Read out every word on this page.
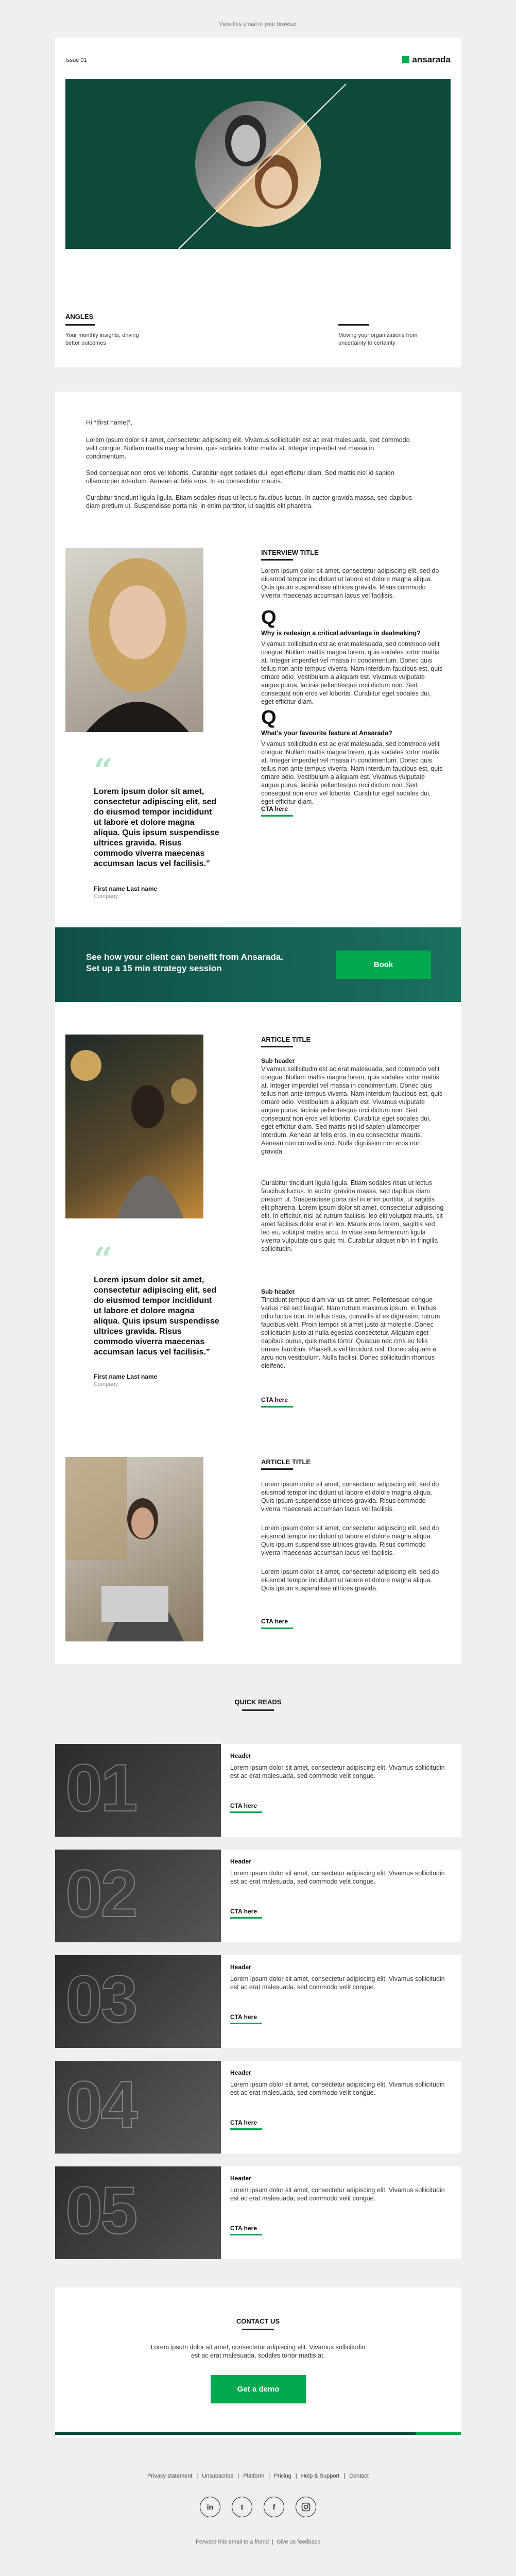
View this email in your browser
Issue 01	ansarada
ANGLES
Your monthly insights, driving better outcomes
Moving your organizations from uncertainty to certainty
Hi *|first name|*,
Lorem ipsum dolor sit amet, consectetur adipiscing elit. Vivamus sollicitudin est ac erat malesuada, sed commodo velit congue. Nullam mattis magna lorem, quis sodales tortor mattis at. Integer imperdiet vel massa in condimentum.
Sed consequat non eros vel lobortis. Curabitur eget sodales dui, eget efficitur diam. Sed mattis nisi id sapien ullamcorper interdum. Aenean at felis eros. In eu consectetur mauris.
Curabitur tincidunt ligula ligula. Etiam sodales risus ut lectus faucibus luctus. In auctor gravida massa, sed dapibus diam pretium ut. Suspendisse porta nisl in enim porttitor, ut sagittis elit pharetra.
INTERVIEW TITLE
Lorem ipsum dolor sit amet, consectetur adipiscing elit, sed do eiusmod tempor incididunt ut labore et dolore magna aliqua. Quis ipsum suspendisse ultrices gravida. Risus commodo viverra maecenas accumsan lacus vel facilisis.
Q
Why is redesign a critical advantage in dealmaking?
Vivamus sollicitudin est ac erat malesuada, sed commodo velit congue. Nullam mattis magna lorem, quis sodales tortor mattis at. Integer imperdiet vel massa in condimentum. Donec quis tellus non ante tempus viverra. Nam interdum faucibus est, quis ornare odio. Vestibulum a aliquam est. Vivamus vulputate augue purus, lacinia pellentesque orci dictum non. Sed consequat non eros vel lobortis. Curabitur eget sodales dui, eget efficitur diam.
Q
What's your favourite feature at Ansarada?
Vivamus sollicitudin est ac erat malesuada, sed commodo velit congue. Nullam mattis magna lorem, quis sodales tortor mattis at. Integer imperdiet vel massa in condimentum. Donec quis tellus non ante tempus viverra. Nam interdum faucibus est, quis ornare odio. Vestibulum a aliquam est. Vivamus vulputate augue purus, lacinia pellentesque orci dictum non. Sed consequat non eros vel lobortis. Curabitur eget sodales dui, eget efficitur diam.
CTA here
“
Lorem ipsum dolor sit amet, consectetur adipiscing elit, sed do eiusmod tempor incididunt ut labore et dolore magna aliqua. Quis ipsum suspendisse ultrices gravida. Risus commodo viverra maecenas accumsan lacus vel facilisis.”
First name Last name
Company
See how your client can benefit from Ansarada.
Set up a 15 min strategy session	Book
ARTICLE TITLE
Sub header
Vivamus sollicitudin est ac erat malesuada, sed commodo velit congue. Nullam mattis magna lorem, quis sodales tortor mattis at. Integer imperdiet vel massa in condimentum. Donec quis tellus non ante tempus viverra. Nam interdum faucibus est, quis ornare odio. Vestibulum a aliquam est. Vivamus vulputate augue purus, lacinia pellentesque orci dictum non. Sed consequat non eros vel lobortis. Curabitur eget sodales dui, eget efficitur diam. Sed mattis nisi id sapien ullamcorper interdum. Aenean at felis eros. In eu consectetur mauris. Aenean non convallis orci. Nulla dignissim non eros non gravida.
Curabitur tincidunt ligula ligula. Etiam sodales risus ut lectus faucibus luctus. In auctor gravida massa, sed dapibus diam pretium ut. Suspendisse porta nisl in enim porttitor, ut sagittis elit pharetra. Lorem ipsum dolor sit amet, consectetur adipiscing elit. In efficitur, nisi ac rutrum facilisis, leo elit volutpat mauris, sit amet facilisis dolor erat in leo. Mauris eros lorem, sagittis sed leo eu, volutpat mattis arcu. In vitae sem fermentum ligula viverra vulputate quis quis mi. Curabitur aliquet nibh in fringilla sollicitudin.
Sub header
Tincidunt tempus diam varius sit amet. Pellentesque congue varius nisl sed feugiat. Nam rutrum maximus ipsum, in finibus odio luctus non. In tellus risus, convallis id ex dignissim, rutrum faucibus velit. Proin tempor sit amet justo at molestie. Donec sollicitudin justo at nulla egestas consectetur. Aliquam eget dapibus purus, quis mattis tortor. Quisque nec cms eu felis ornare faucibus. Phasellus vel tincidunt nisl. Donec aliquam a arcu non vestibulum. Nulla facilisi. Donec sollicitudin rhoncus eleifend.
CTA here
“
Lorem ipsum dolor sit amet, consectetur adipiscing elit, sed do eiusmod tempor incididunt ut labore et dolore magna aliqua. Quis ipsum suspendisse ultrices gravida. Risus commodo viverra maecenas accumsan lacus vel facilisis.”
First name Last name
Company
ARTICLE TITLE
Lorem ipsum dolor sit amet, consectetur adipiscing elit, sed do eiusmod tempor incididunt ut labore et dolore magna aliqua. Quis ipsum suspendisse ultrices gravida. Risus commodo viverra maecenas accumsan lacus vel facilisis.
Lorem ipsum dolor sit amet, consectetur adipiscing elit, sed do eiusmod tempor incididunt ut labore et dolore magna aliqua. Quis ipsum suspendisse ultrices gravida. Risus commodo viverra maecenas accumsan lacus vel facilisis.
Lorem ipsum dolor sit amet, consectetur adipiscing elit, sed do eiusmod tempor incididunt ut labore et dolore magna aliqua. Quis ipsum suspendisse ultrices gravida.
CTA here
QUICK READS
01	Header
Lorem ipsum dolor sit amet, consectetur adipiscing elit. Vivamus sollicitudin est ac erat malesuada, sed commodo velit congue.
CTA here
02	Header
Lorem ipsum dolor sit amet, consectetur adipiscing elit. Vivamus sollicitudin est ac erat malesuada, sed commodo velit congue.
CTA here
03	Header
Lorem ipsum dolor sit amet, consectetur adipiscing elit. Vivamus sollicitudin est ac erat malesuada, sed commodo velit congue.
CTA here
04	Header
Lorem ipsum dolor sit amet, consectetur adipiscing elit. Vivamus sollicitudin est ac erat malesuada, sed commodo velit congue.
CTA here
05	Header
Lorem ipsum dolor sit amet, consectetur adipiscing elit. Vivamus sollicitudin est ac erat malesuada, sed commodo velit congue.
CTA here
CONTACT US
Lorem ipsum dolor sit amet, consectetur adipiscing elit. Vivamus sollicitudin est ac erat malesuada, sodales tortor mattis at.
Get a demo
Privacy statement | Unsubscribe | Platform | Pricing | Help & Support | Contact
in	t	f
Forward this email to a friend | Give us feedback
